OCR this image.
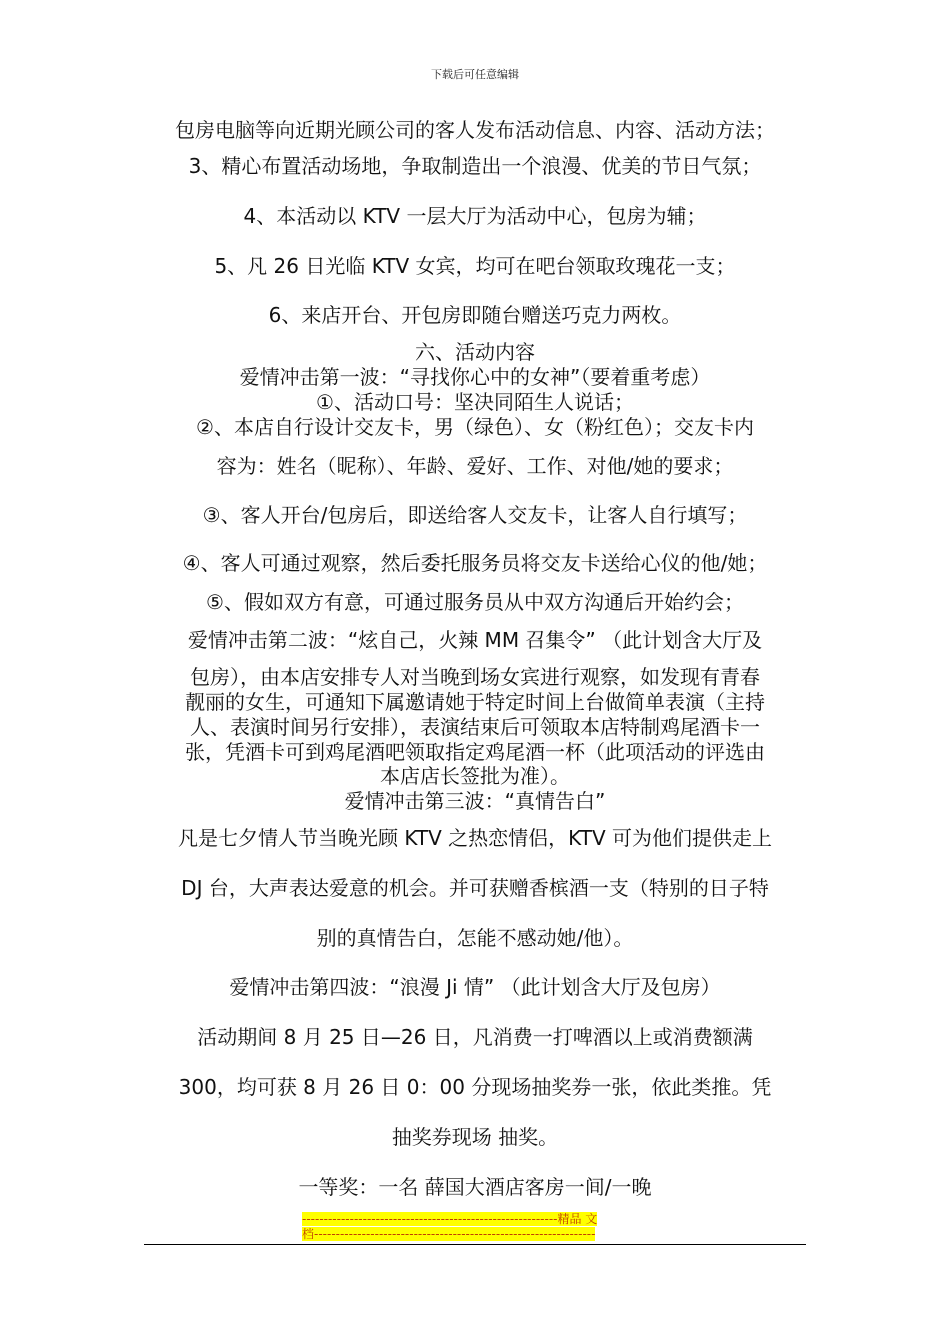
下载后可任意编辑
包房电脑等向近期光顾公司的客人发布活动信息、内容、活动方法；
3、精心布置活动场地，争取制造出一个浪漫、优美的节日气氛；
4、本活动以 KTV 一层大厅为活动中心，包房为辅；
5、凡 26 日光临 KTV 女宾，均可在吧台领取玫瑰花一支；
6、来店开台、开包房即随台赠送巧克力两枚。
六、活动内容
爱情冲击第一波：“寻找你心中的女神”（要着重考虑）
①、活动口号：坚决同陌生人说话；
②、本店自行设计交友卡，男（绿色）、女（粉红色）；交友卡内
容为：姓名（昵称）、年龄、爱好、工作、对他/她的要求；
③、客人开台/包房后，即送给客人交友卡，让客人自行填写；
④、客人可通过观察，然后委托服务员将交友卡送给心仪的他/她；
⑤、假如双方有意，可通过服务员从中双方沟通后开始约会；
爱情冲击第二波：“炫自己，火辣 MM 召集令” （此计划含大厅及
包房），由本店安排专人对当晚到场女宾进行观察，如发现有青春
靓丽的女生，可通知下属邀请她于特定时间上台做简单表演（主持
人、表演时间另行安排），表演结束后可领取本店特制鸡尾酒卡一
张，凭酒卡可到鸡尾酒吧领取指定鸡尾酒一杯（此项活动的评选由
本店店长签批为准）。
爱情冲击第三波：“真情告白”
凡是七夕情人节当晚光顾 KTV 之热恋情侣，KTV 可为他们提供走上
DJ 台，大声表达爱意的机会。并可获赠香槟酒一支（特别的日子特
别的真情告白，怎能不感动她/他）。
爱情冲击第四波：“浪漫 Ji 情” （此计划含大厅及包房）
活动期间 8 月 25 日—26 日，凡消费一打啤酒以上或消费额满
300，均可获 8 月 26 日 0：00 分现场抽奖券一张，依此类推。凭
抽奖券现场 抽奖。
一等奖：一名 薛国大酒店客房一间/一晚
-----------------------------------------------------------精品 文
档-----------------------------------------------------------------
